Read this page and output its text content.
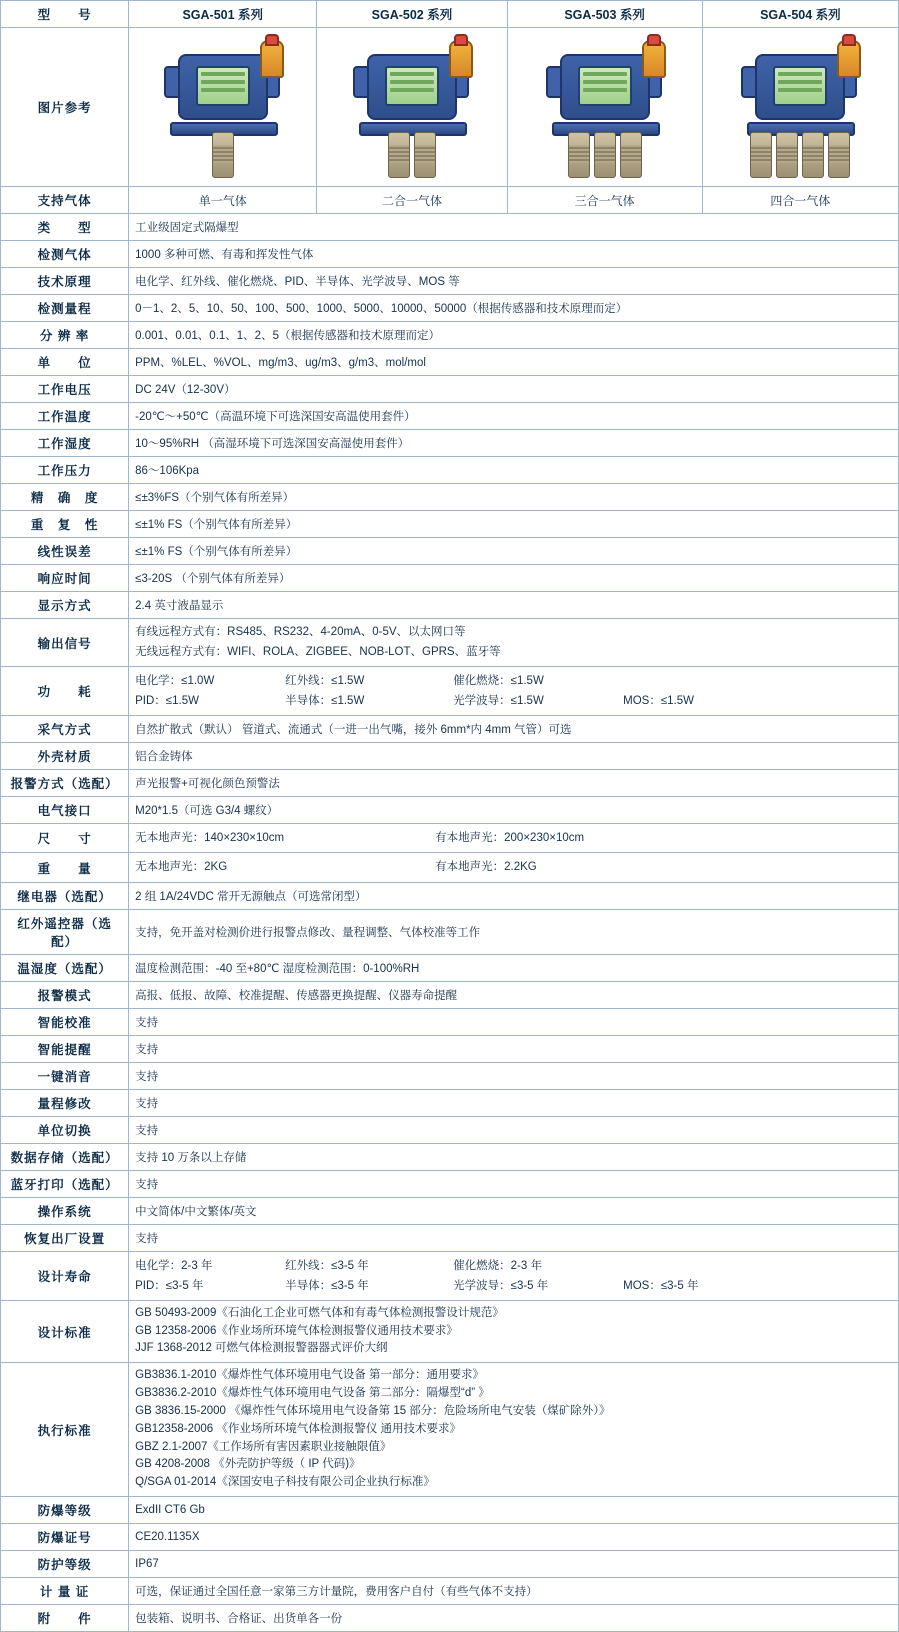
型　　号	SGA-501 系列	SGA-502 系列	SGA-503 系列	SGA-504 系列
图片参考	

支持气体	单一气体	二合一气体	三合一气体	四合一气体
类　　型	工业级固定式隔爆型			
检测气体	1000 多种可燃、有毒和挥发性气体			
技术原理	电化学、红外线、催化燃烧、PID、半导体、光学波导、MOS 等			
检测量程	0－1、2、5、10、50、100、500、1000、5000、10000、50000（根据传感器和技术原理而定）			
分 辨 率	0.001、0.01、0.1、1、2、5（根据传感器和技术原理而定）			
单　　位	PPM、%LEL、%VOL、mg/m3、ug/m3、g/m3、mol/mol			
工作电压	DC 24V（12-30V）			
工作温度	-20℃～+50℃（高温环境下可选深国安高温使用套件）			
工作湿度	10～95%RH （高湿环境下可选深国安高湿使用套件）			
工作压力	86～106Kpa			
精　确　度	≤±3%FS（个别气体有所差异）			
重　复　性	≤±1% FS（个别气体有所差异）			
线性误差	≤±1% FS（个别气体有所差异）			
响应时间	≤3-20S （个别气体有所差异）			
显示方式	2.4 英寸液晶显示			
输出信号	有线远程方式有：RS485、RS232、4-20mA、0-5V、以太网口等
无线远程方式有：WIFI、ROLA、ZIGBEE、NOB-LOT、GPRS、蓝牙等			

功　　耗	
电化学：≤1.0W	红外线：≤1.5W	催化燃烧：≤1.5W
PID：≤1.5W	半导体：≤1.5W	光学波导：≤1.5W	MOS：≤1.5W

采气方式	自然扩散式（默认） 管道式、流通式（一进一出气嘴，接外 6mm*内 4mm 气管）可选			
外壳材质	铝合金铸体			
报警方式（选配）	声光报警+可视化颜色预警法			
电气接口	M20*1.5（可选 G3/4 螺纹）			
尺　　寸	无本地声光：140×230×10cm 有本地声光：200×230×10cm			

重　　量	无本地声光：2KG 有本地声光：2.2KG			

继电器（选配）	2 组 1A/24VDC 常开无源触点（可选常闭型）			
红外遥控器（选配）	支持，免开盖对检测价进行报警点修改、量程调整、气体校准等工作			
温湿度（选配）	温度检测范围：-40 至+80℃ 湿度检测范围：0-100%RH			
报警模式	高报、低报、故障、校准提醒、传感器更换提醒、仪器寿命提醒			
智能校准	支持			
智能提醒	支持			
一键消音	支持			
量程修改	支持			
单位切换	支持			
数据存储（选配）	支持 10 万条以上存储			
蓝牙打印（选配）	支持			
操作系统	中文简体/中文繁体/英文			
恢复出厂设置	支持			
设计寿命	
电化学：2-3 年	红外线：≤3-5 年	催化燃烧：2-3 年
PID：≤3-5 年	半导体：≤3-5 年	光学波导：≤3-5 年	MOS：≤3-5 年

设计标准	GB 50493-2009《石油化工企业可燃气体和有毒气体检测报警设计规范》
GB 12358-2006《作业场所环境气体检测报警仪通用技术要求》
JJF 1368-2012 可燃气体检测报警器器式评价大纲			

执行标准	
GB3836.1-2010《爆炸性气体环境用电气设备 第一部分：通用要求》
GB3836.2-2010《爆炸性气体环境用电气设备 第二部分：隔爆型“d” 》
GB 3836.15-2000 《爆炸性气体环境用电气设备第 15 部分：危险场所电气安装（煤矿除外）》
GB12358-2006 《作业场所环境气体检测报警仪 通用技术要求》
GBZ 2.1-2007《工作场所有害因素职业接触限值》
GB 4208-2008 《外壳防护等级（ IP 代码)》
Q/SGA 01-2014《深国安电子科技有限公司企业执行标准》

防爆等级	ExdII CT6 Gb			
防爆证号	CE20.1135X			
防护等级	IP67			
计 量 证	可选，保证通过全国任意一家第三方计量院，费用客户自付（有些气体不支持）			
附　　件	包装箱、说明书、合格证、出货单各一份			
